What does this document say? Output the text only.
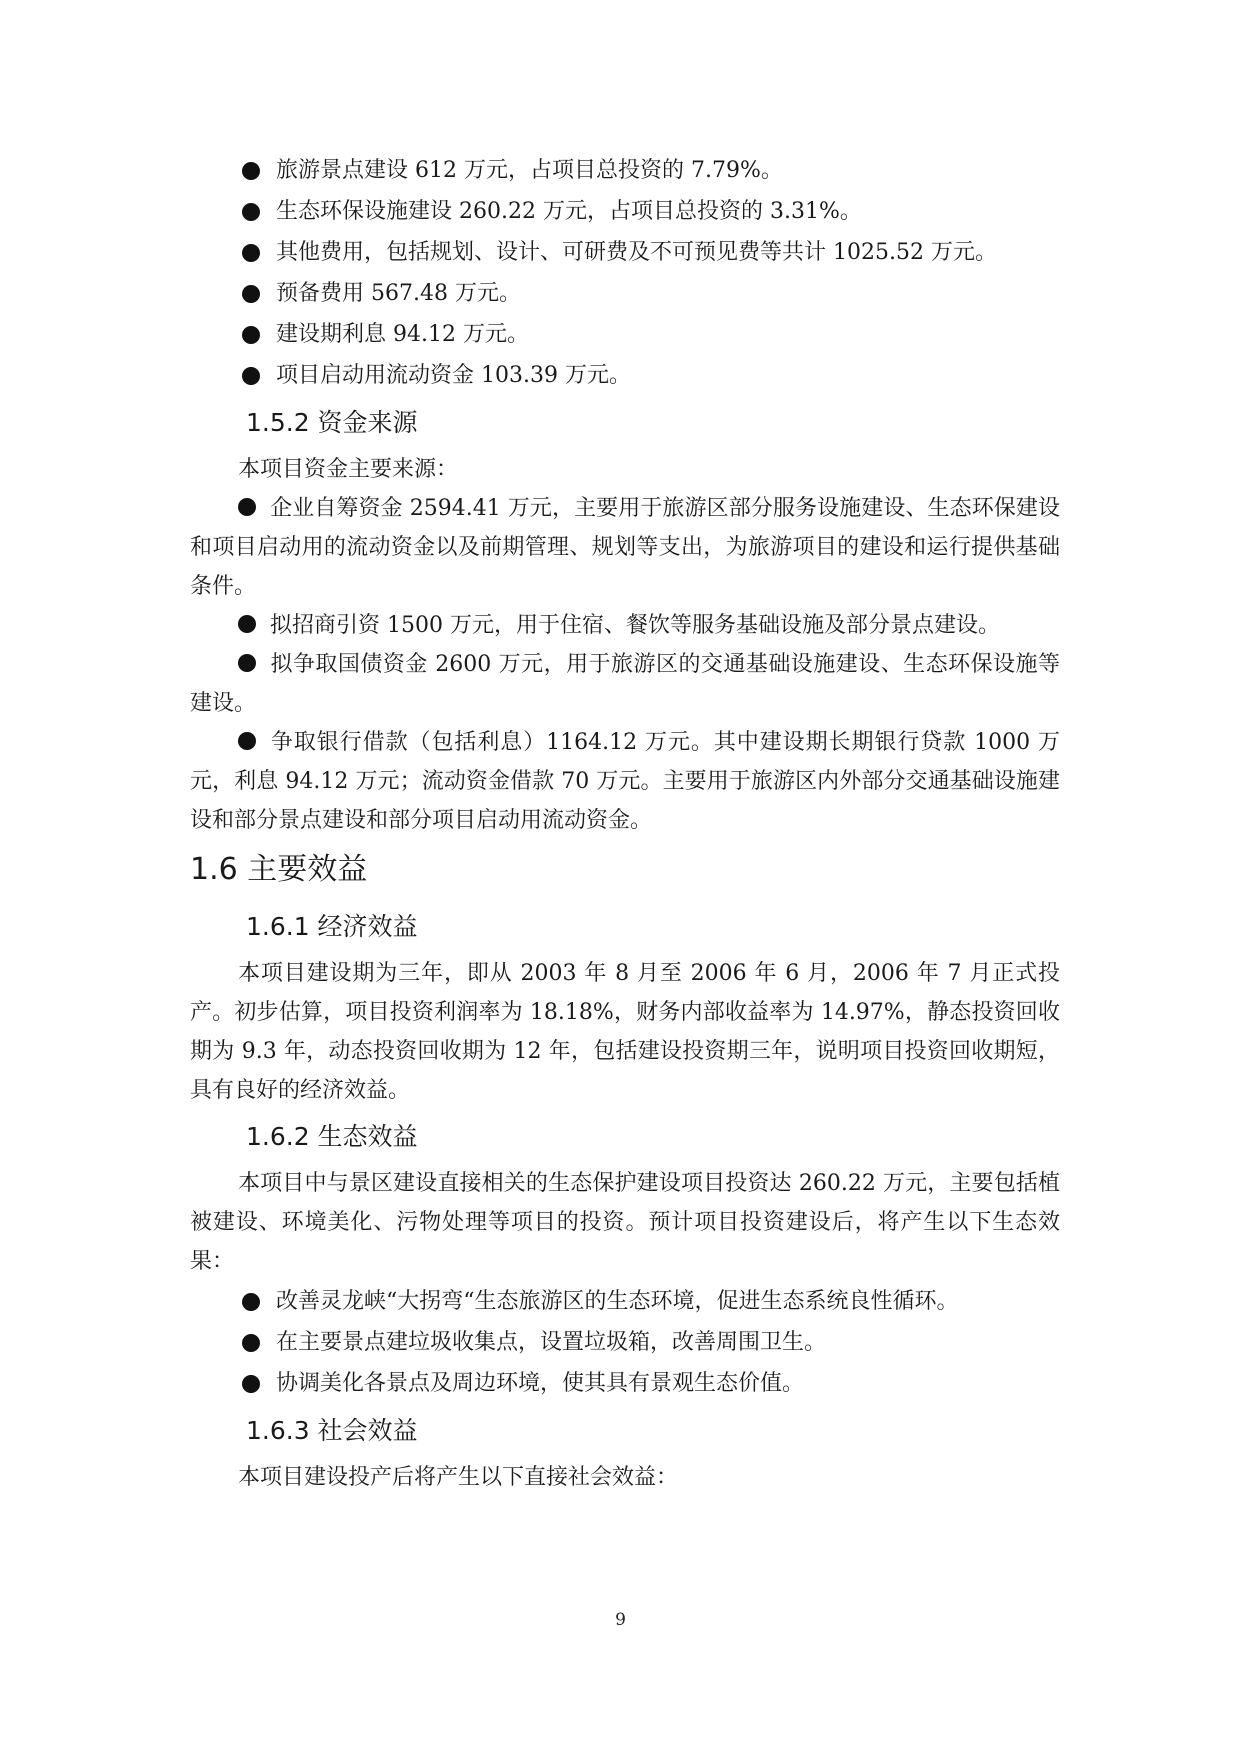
旅游景点建设 612 万元，占项目总投资的 7.79%。
生态环保设施建设 260.22 万元，占项目总投资的 3.31%。
其他费用，包括规划、设计、可研费及不可预见费等共计 1025.52 万元。
预备费用 567.48 万元。
建设期利息 94.12 万元。
项目启动用流动资金 103.39 万元。
1.5.2 资金来源

本项目资金主要来源：

企业自筹资金 2594.41 万元，主要用于旅游区部分服务设施建设、生态环保建设和项目启动用的流动资金以及前期管理、规划等支出，为旅游项目的建设和运行提供基础条件。

拟招商引资 1500 万元，用于住宿、餐饮等服务基础设施及部分景点建设。

拟争取国债资金 2600 万元，用于旅游区的交通基础设施建设、生态环保设施等建设。

争取银行借款（包括利息）1164.12 万元。其中建设期长期银行贷款 1000 万元，利息 94.12 万元；流动资金借款 70 万元。主要用于旅游区内外部分交通基础设施建设和部分景点建设和部分项目启动用流动资金。

1.6 主要效益
1.6.1 经济效益

本项目建设期为三年，即从 2003 年 8 月至 2006 年 6 月，2006 年 7 月正式投产。初步估算，项目投资利润率为 18.18%，财务内部收益率为 14.97%，静态投资回收期为 9.3 年，动态投资回收期为 12 年，包括建设投资期三年，说明项目投资回收期短，具有良好的经济效益。

1.6.2 生态效益

本项目中与景区建设直接相关的生态保护建设项目投资达 260.22 万元，主要包括植被建设、环境美化、污物处理等项目的投资。预计项目投资建设后，将产生以下生态效果：

改善灵龙峡“大拐弯“生态旅游区的生态环境，促进生态系统良性循环。
在主要景点建垃圾收集点，设置垃圾箱，改善周围卫生。
协调美化各景点及周边环境，使其具有景观生态价值。
1.6.3 社会效益

本项目建设投产后将产生以下直接社会效益：

9
